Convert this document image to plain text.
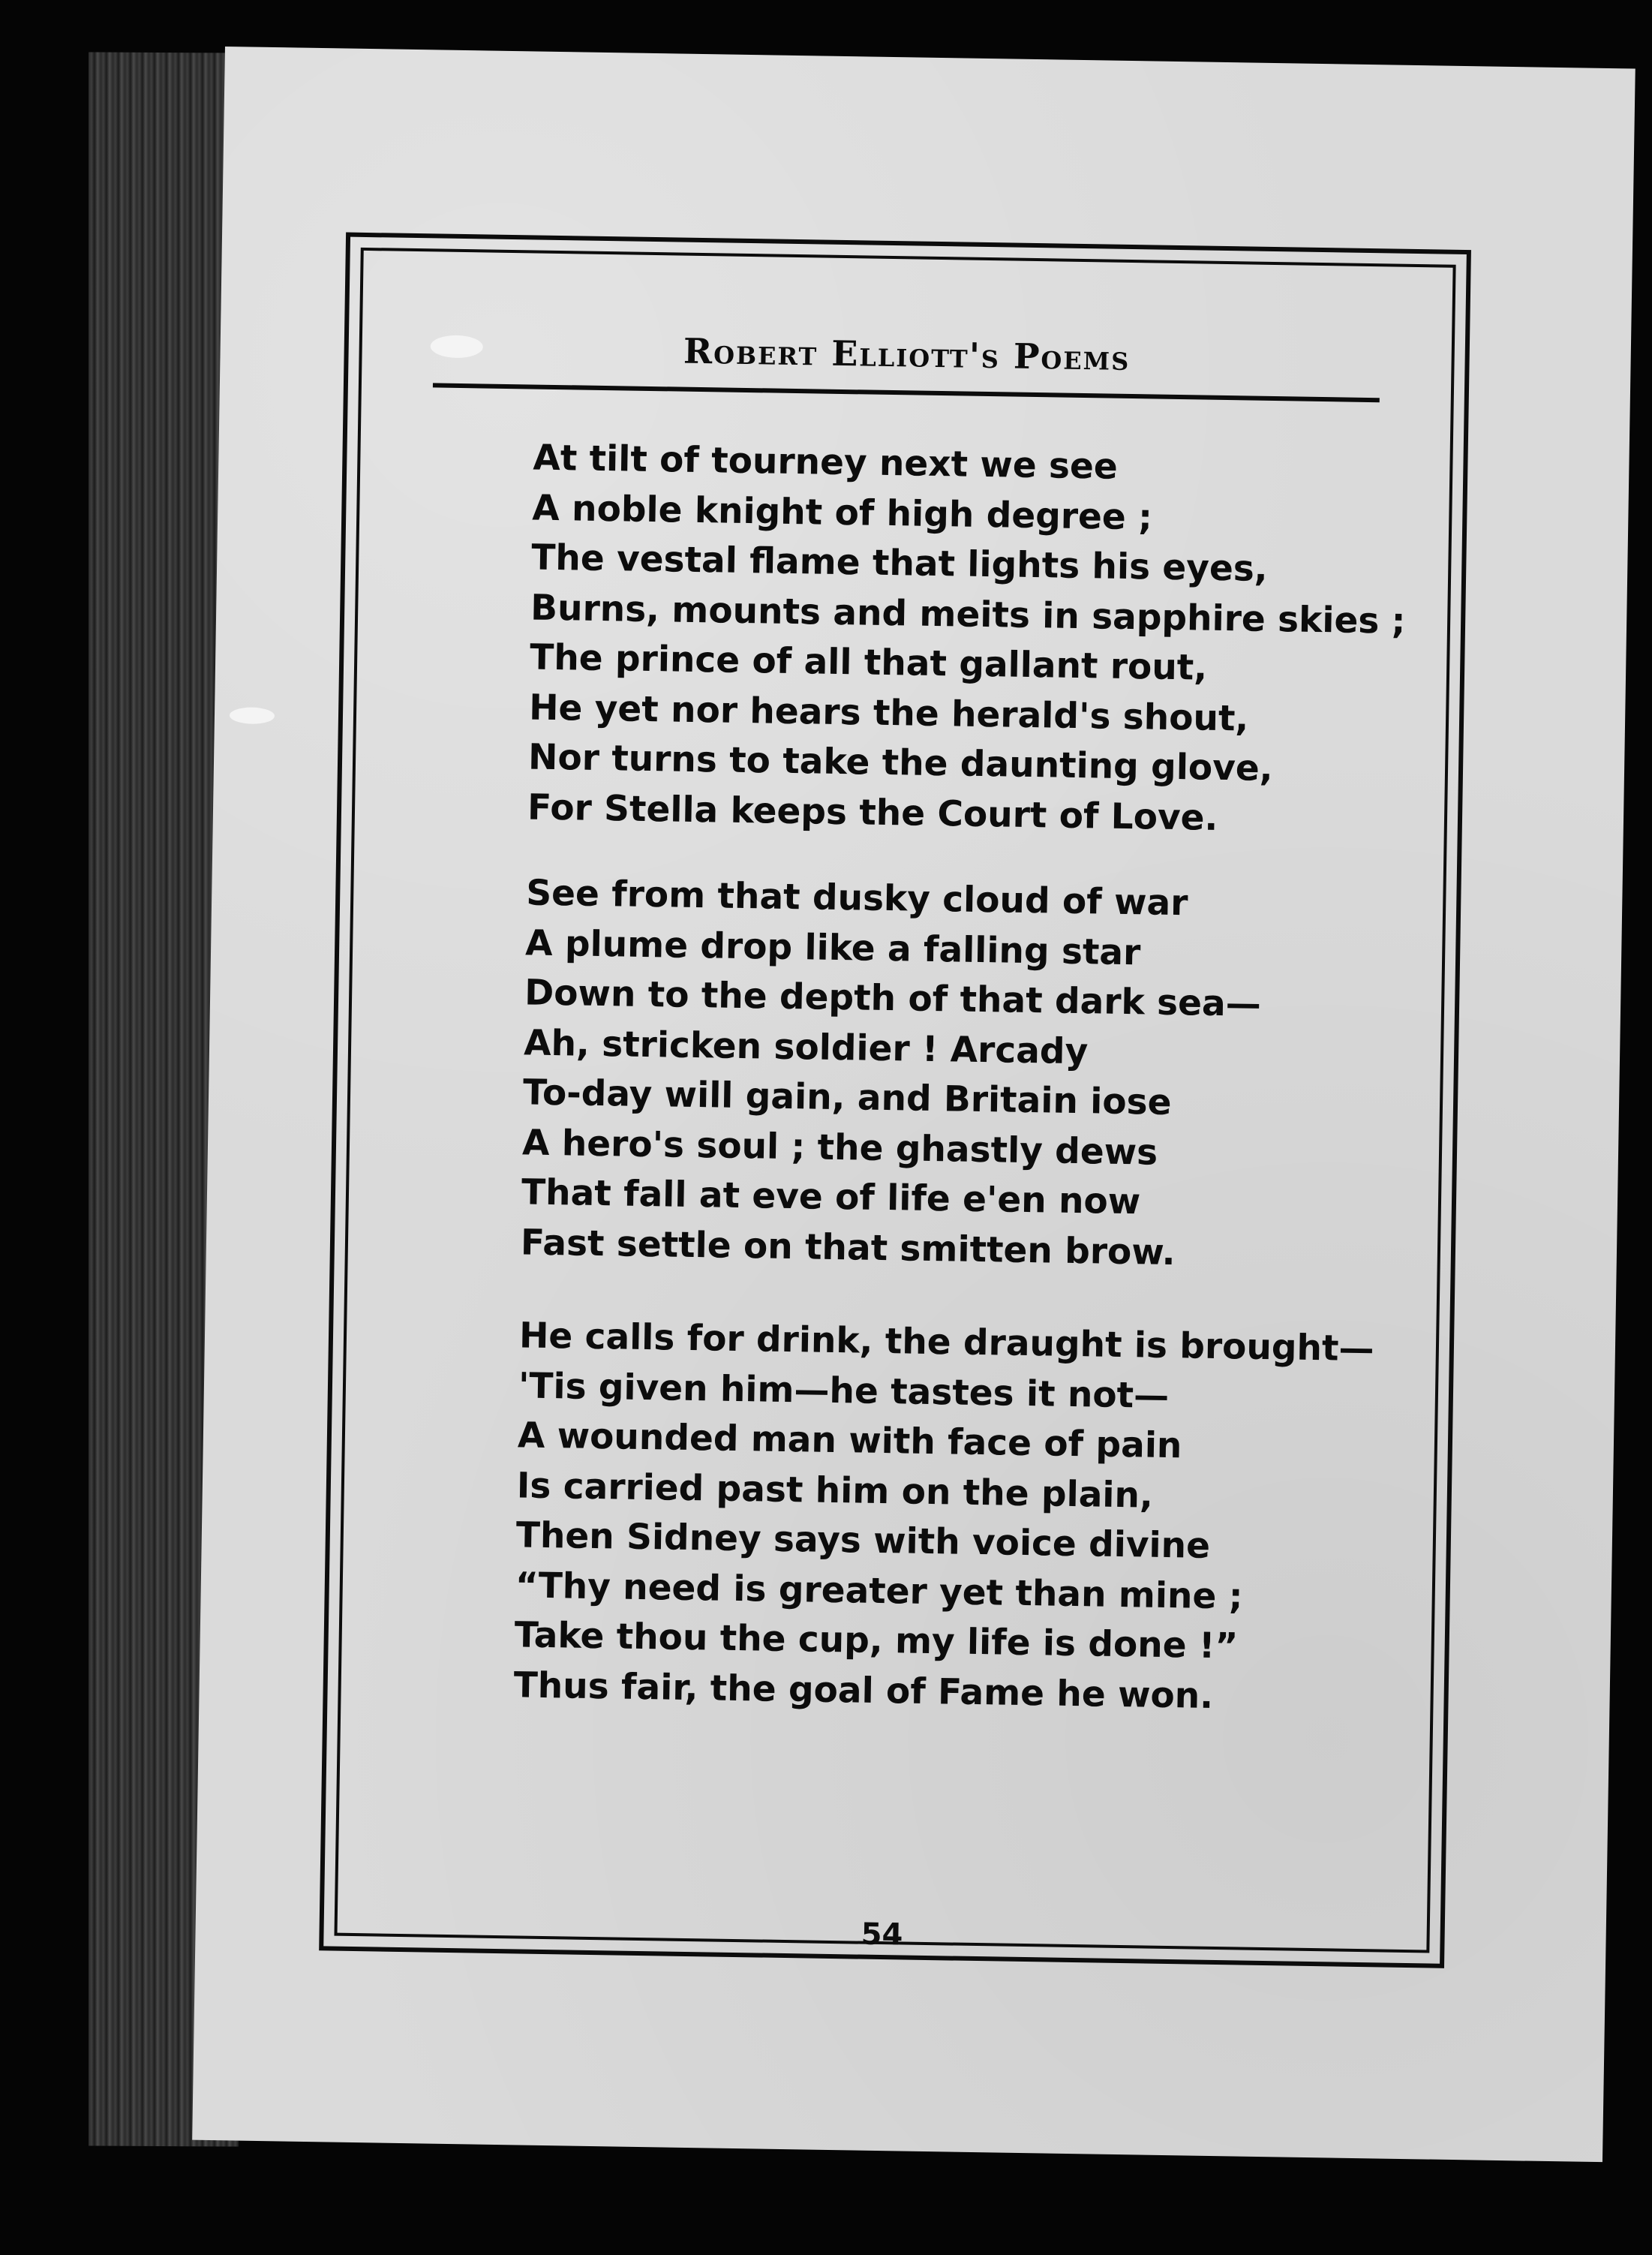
Robert Elliott's Poems
At tilt of tourney next we see
A noble knight of high degree ;
The vestal flame that lights his eyes,
Burns, mounts and meits in sapphire skies ;
The prince of all that gallant rout,
He yet nor hears the herald's shout,
Nor turns to take the daunting glove,
For Stella keeps the Court of Love.
See from that dusky cloud of war
A plume drop like a falling star
Down to the depth of that dark sea—
Ah, stricken soldier ! Arcady
To-day will gain, and Britain iose
A hero's soul ; the ghastly dews
That fall at eve of life e'en now
Fast settle on that smitten brow.
He calls for drink, the draught is brought—
'Tis given him—he tastes it not—
A wounded man with face of pain
Is carried past him on the plain,
Then Sidney says with voice divine
“Thy need is greater yet than mine ;
Take thou the cup, my life is done !”
Thus fair, the goal of Fame he won.
54
